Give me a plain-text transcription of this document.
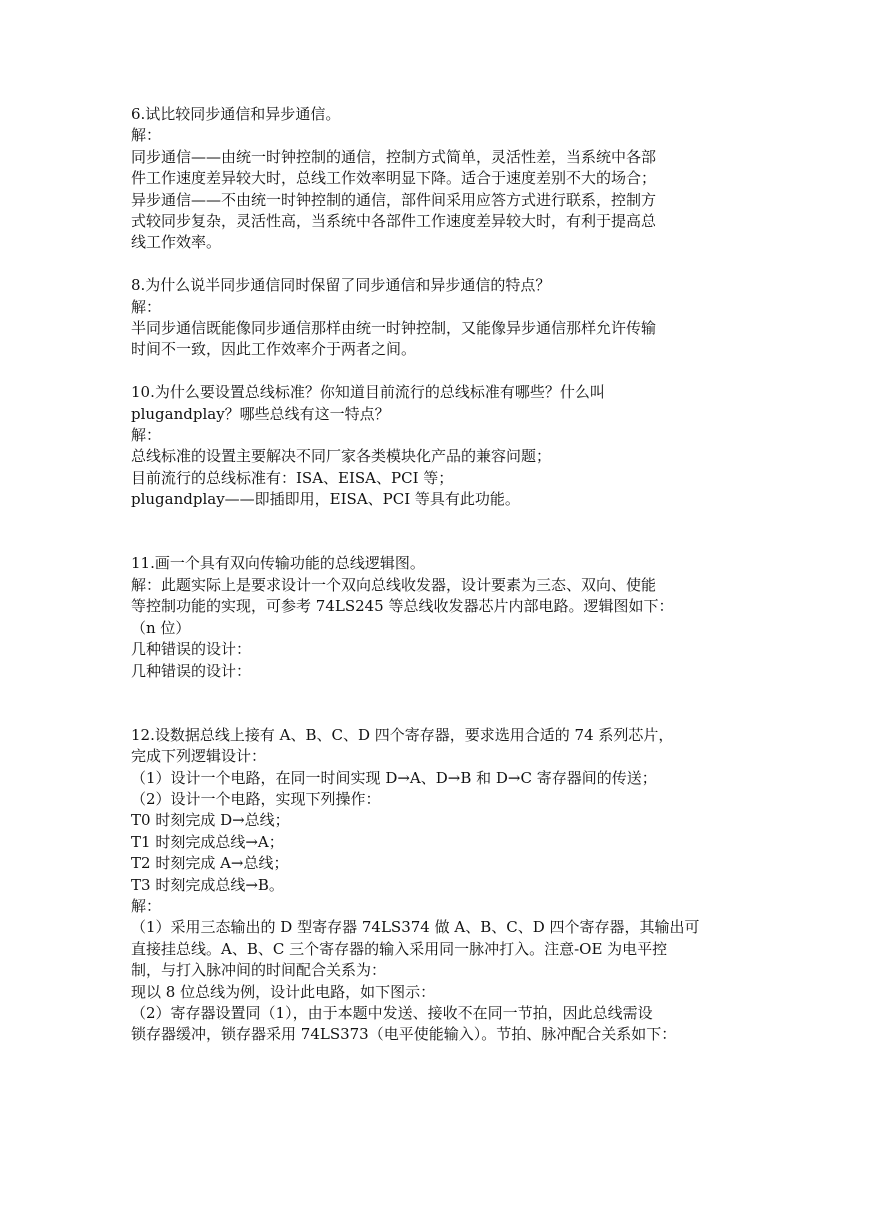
6.试比较同步通信和异步通信。
解：
同步通信——由统一时钟控制的通信，控制方式简单，灵活性差，当系统中各部
件工作速度差异较大时，总线工作效率明显下降。适合于速度差别不大的场合；
异步通信——不由统一时钟控制的通信，部件间采用应答方式进行联系，控制方
式较同步复杂，灵活性高，当系统中各部件工作速度差异较大时，有利于提高总
线工作效率。
8.为什么说半同步通信同时保留了同步通信和异步通信的特点？
解：
半同步通信既能像同步通信那样由统一时钟控制，又能像异步通信那样允许传输
时间不一致，因此工作效率介于两者之间。
10.为什么要设置总线标准？你知道目前流行的总线标准有哪些？什么叫
plugandplay？哪些总线有这一特点？
解：
总线标准的设置主要解决不同厂家各类模块化产品的兼容问题；
目前流行的总线标准有：ISA、EISA、PCI 等；
plugandplay——即插即用，EISA、PCI 等具有此功能。
11.画一个具有双向传输功能的总线逻辑图。
解：此题实际上是要求设计一个双向总线收发器，设计要素为三态、双向、使能
等控制功能的实现，可参考 74LS245 等总线收发器芯片内部电路。逻辑图如下：
（n 位）
几种错误的设计：
几种错误的设计：
12.设数据总线上接有 A、B、C、D 四个寄存器，要求选用合适的 74 系列芯片，
完成下列逻辑设计：
（1）设计一个电路，在同一时间实现 D→A、D→B 和 D→C 寄存器间的传送；
（2）设计一个电路，实现下列操作：
T0 时刻完成 D→总线；
T1 时刻完成总线→A；
T2 时刻完成 A→总线；
T3 时刻完成总线→B。
解：
（1）采用三态输出的 D 型寄存器 74LS374 做 A、B、C、D 四个寄存器，其输出可
直接挂总线。A、B、C 三个寄存器的输入采用同一脉冲打入。注意-OE 为电平控
制，与打入脉冲间的时间配合关系为：
现以 8 位总线为例，设计此电路，如下图示：
（2）寄存器设置同（1），由于本题中发送、接收不在同一节拍，因此总线需设
锁存器缓冲，锁存器采用 74LS373（电平使能输入）。节拍、脉冲配合关系如下：
